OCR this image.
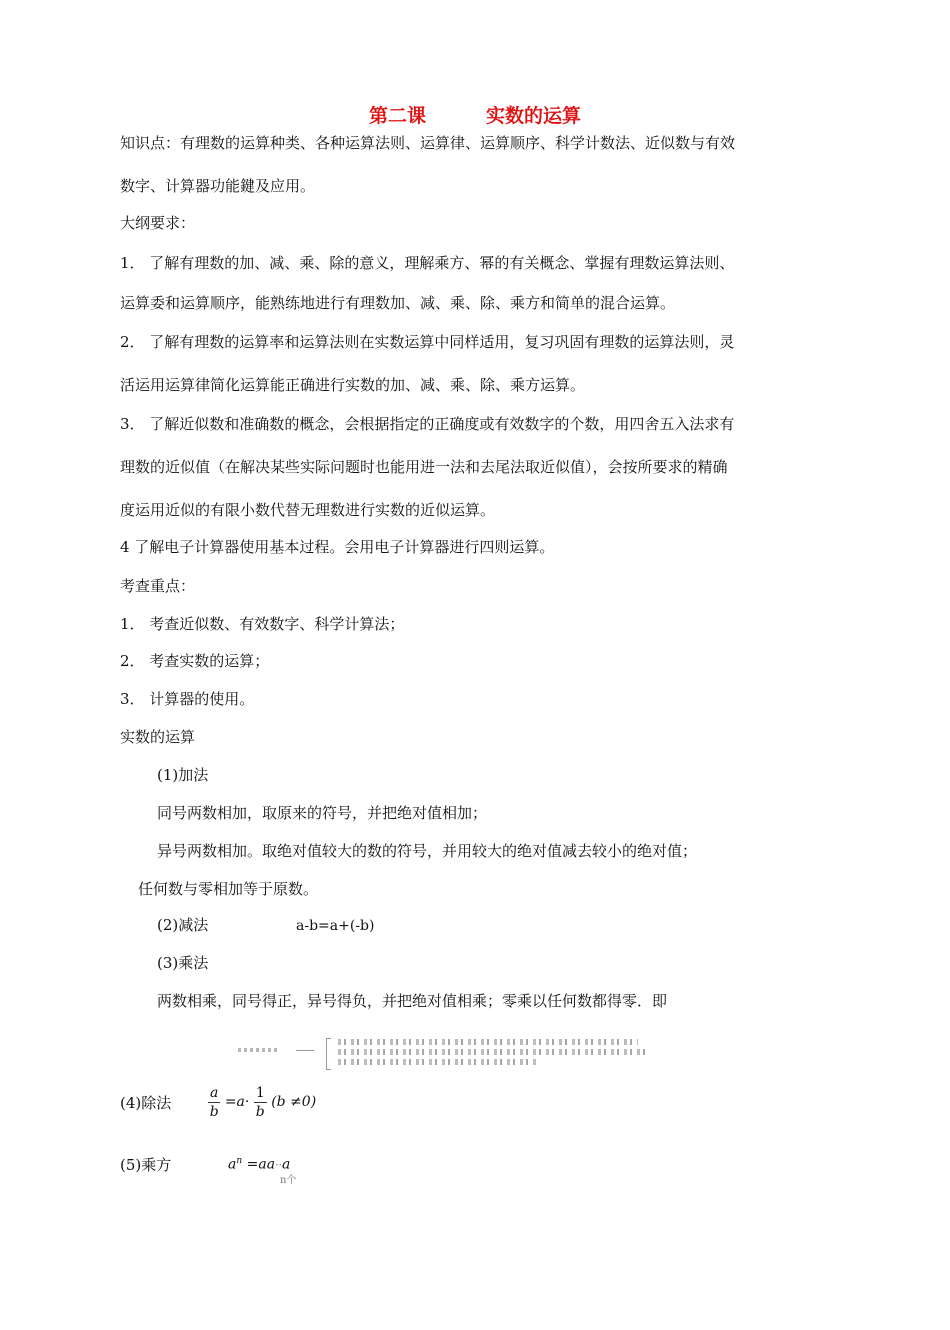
第二课	实数的运算
知识点：有理数的运算种类、各种运算法则、运算律、运算顺序、科学计数法、近似数与有效
数字、计算器功能鍵及应用。
大纲要求：
1． 了解有理数的加、减、乘、除的意义，理解乘方、幂的有关概念、掌握有理数运算法则、
运算委和运算顺序，能熟练地进行有理数加、减、乘、除、乘方和简单的混合运算。
2． 了解有理数的运算率和运算法则在实数运算中同样适用，复习巩固有理数的运算法则，灵
活运用运算律简化运算能正确进行实数的加、减、乘、除、乘方运算。
3． 了解近似数和准确数的概念，会根据指定的正确度或有效数字的个数，用四舍五入法求有
理数的近似值（在解决某些实际问题时也能用进一法和去尾法取近似值），会按所要求的精确
度运用近似的有限小数代替无理数进行实数的近似运算。
4 了解电子计算器使用基本过程。会用电子计算器进行四则运算。
考查重点：
1． 考查近似数、有效数字、科学计算法；
2． 考查实数的运算；
3． 计算器的使用。
实数的运算
(1)加法
同号两数相加，取原来的符号，并把绝对值相加；
异号两数相加。取绝对值较大的数的符号，并用较大的绝对值减去较小的绝对值；
任何数与零相加等于原数。
(2)减法	a-b=a+(-b)
(3)乘法
两数相乘，同号得正，异号得负，并把绝对值相乘；零乘以任何数都得零．即
(4)除法	$\frac{a}{b} =a\cdot \frac{1}{b} (b \ne 0)$
(5)乘方	$a^n =aa\cdot\cdot a$
n个
